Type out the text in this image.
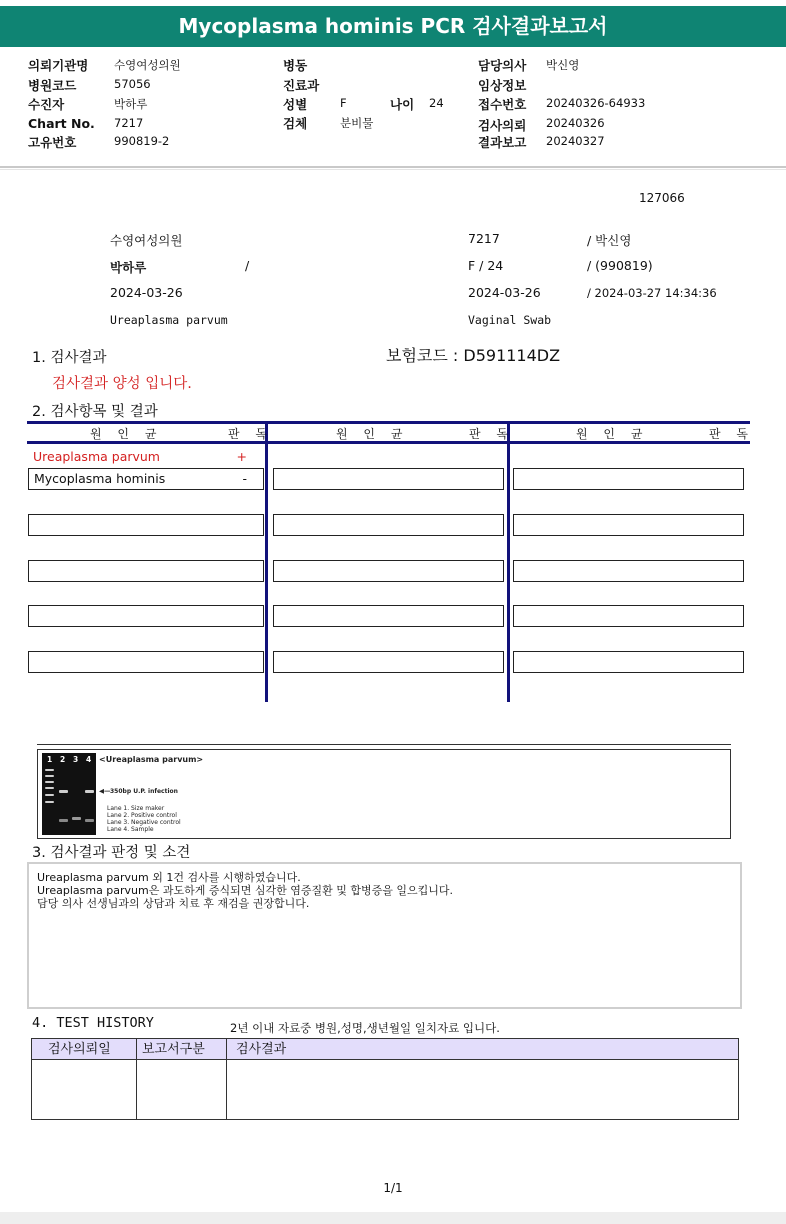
Mycoplasma hominis PCR 검사결과보고서
의뢰기관명 수영여성의원
병원코드	57056
수진자	박하루
Chart No. 7217
고유번호	990819-2
병동
진료과
성별	F	나이 24
검체	분비물
담당의사 박신영
임상정보
접수번호 20240326-64933
검사의뢰 20240326
결과보고 20240327
127066
수영여성의원	7217	/ 박신영
박하루	/	F / 24	/ (990819)
2024-03-26	2024-03-26	/ 2024-03-27 14:34:36
Ureaplasma parvum	Vaginal Swab
1. 검사결과	보험코드 : D591114DZ
검사결과 양성 입니다.
2. 검사항목 및 결과
원 인 균	판 독	원 인 균	판 독	원 인 균	판 독
Ureaplasma parvum	+
Mycoplasma hominis	-
1 2 3 4 <Ureaplasma parvum>
◀— 350bp U.P. infection
Lane 1. Size maker
Lane 2. Positive control
Lane 3. Negative control
Lane 4. Sample
3. 검사결과 판정 및 소견
Ureaplasma parvum 외 1건 검사를 시행하였습니다.
Ureaplasma parvum은 과도하게 증식되면 심각한 염증질환 및 합병증을 일으킵니다.
담당 의사 선생님과의 상담과 치료 후 재검을 권장합니다.
4. TEST HISTORY	2년 이내 자료중 병원,성명,생년월일 일치자료 입니다.
검사의뢰일 보고서구분 검사결과
1/1
